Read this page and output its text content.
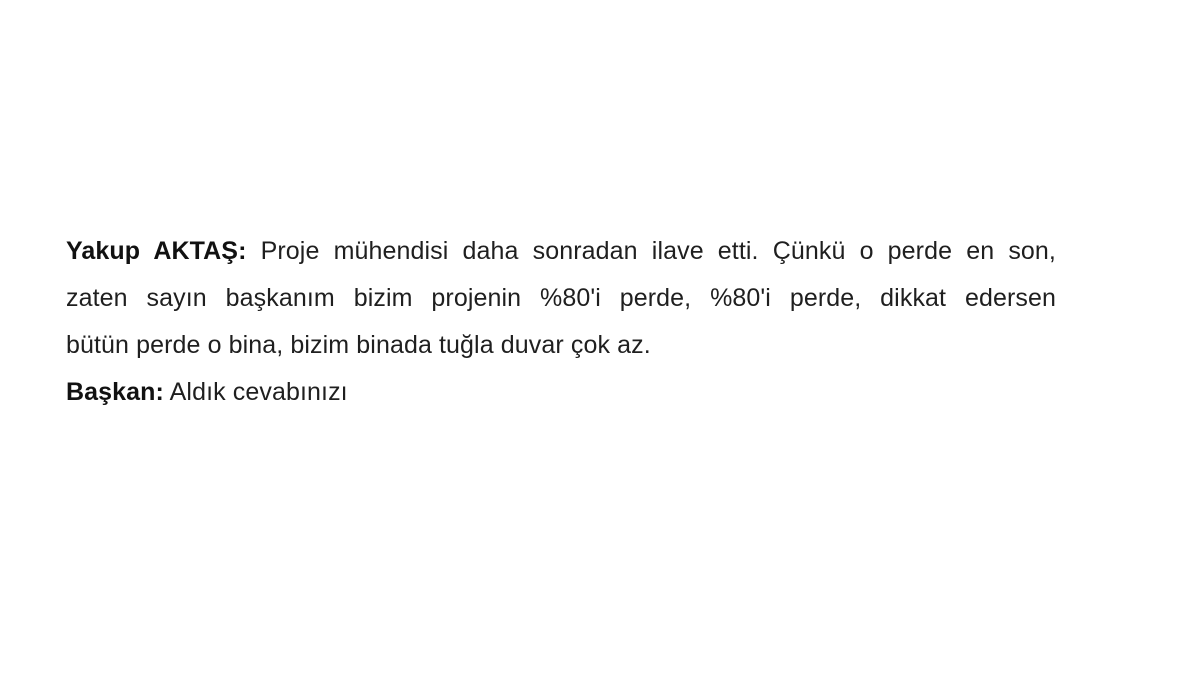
Yakup AKTAŞ: Proje mühendisi daha sonradan ilave etti. Çünkü o perde en son,
zaten sayın başkanım bizim projenin %80'i perde, %80'i perde, dikkat edersen
bütün perde o bina, bizim binada tuğla duvar çok az.
Başkan: Aldık cevabınızı
